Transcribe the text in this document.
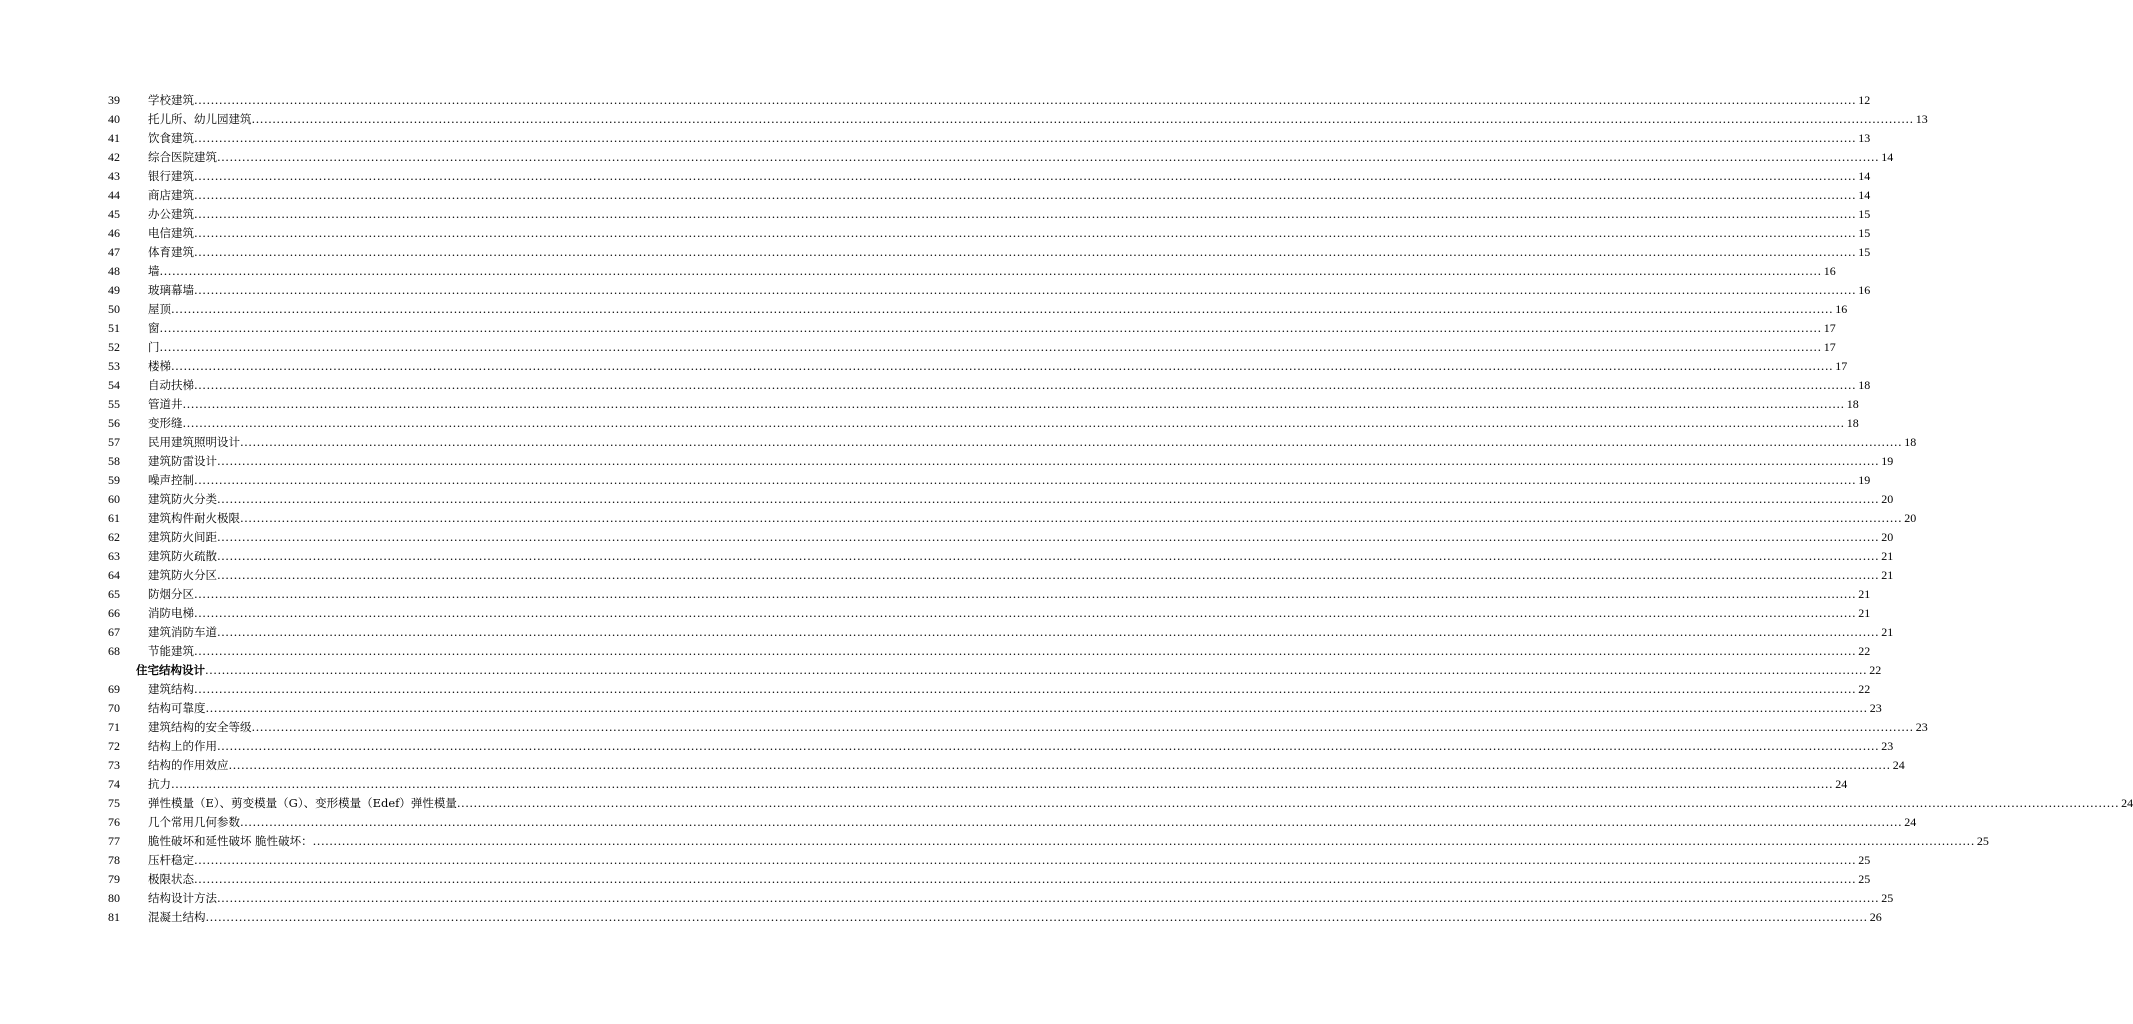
39	学校建筑 ................................................................................................................................................................................................................................................................................................................................................................................................................ 12
40	托儿所、幼儿园建筑 ................................................................................................................................................................................................................................................................................................................................................................................................................ 13
41	饮食建筑 ................................................................................................................................................................................................................................................................................................................................................................................................................ 13
42	综合医院建筑 ................................................................................................................................................................................................................................................................................................................................................................................................................ 14
43	银行建筑 ................................................................................................................................................................................................................................................................................................................................................................................................................ 14
44	商店建筑 ................................................................................................................................................................................................................................................................................................................................................................................................................ 14
45	办公建筑 ................................................................................................................................................................................................................................................................................................................................................................................................................ 15
46	电信建筑 ................................................................................................................................................................................................................................................................................................................................................................................................................ 15
47	体育建筑 ................................................................................................................................................................................................................................................................................................................................................................................................................ 15
48	墙 ................................................................................................................................................................................................................................................................................................................................................................................................................ 16
49	玻璃幕墙 ................................................................................................................................................................................................................................................................................................................................................................................................................ 16
50	屋顶 ................................................................................................................................................................................................................................................................................................................................................................................................................ 16
51	窗 ................................................................................................................................................................................................................................................................................................................................................................................................................ 17
52	门 ................................................................................................................................................................................................................................................................................................................................................................................................................ 17
53	楼梯 ................................................................................................................................................................................................................................................................................................................................................................................................................ 17
54	自动扶梯 ................................................................................................................................................................................................................................................................................................................................................................................................................ 18
55	管道井 ................................................................................................................................................................................................................................................................................................................................................................................................................ 18
56	变形缝 ................................................................................................................................................................................................................................................................................................................................................................................................................ 18
57	民用建筑照明设计 ................................................................................................................................................................................................................................................................................................................................................................................................................ 18
58	建筑防雷设计 ................................................................................................................................................................................................................................................................................................................................................................................................................ 19
59	噪声控制 ................................................................................................................................................................................................................................................................................................................................................................................................................ 19
60	建筑防火分类 ................................................................................................................................................................................................................................................................................................................................................................................................................ 20
61	建筑构件耐火极限 ................................................................................................................................................................................................................................................................................................................................................................................................................ 20
62	建筑防火间距 ................................................................................................................................................................................................................................................................................................................................................................................................................ 20
63	建筑防火疏散 ................................................................................................................................................................................................................................................................................................................................................................................................................ 21
64	建筑防火分区 ................................................................................................................................................................................................................................................................................................................................................................................................................ 21
65	防烟分区 ................................................................................................................................................................................................................................................................................................................................................................................................................ 21
66	消防电梯 ................................................................................................................................................................................................................................................................................................................................................................................................................ 21
67	建筑消防车道 ................................................................................................................................................................................................................................................................................................................................................................................................................ 21
68	节能建筑 ................................................................................................................................................................................................................................................................................................................................................................................................................ 22
住宅结构设计 ................................................................................................................................................................................................................................................................................................................................................................................................................ 22
69	建筑结构 ................................................................................................................................................................................................................................................................................................................................................................................................................ 22
70	结构可靠度 ................................................................................................................................................................................................................................................................................................................................................................................................................ 23
71	建筑结构的安全等级 ................................................................................................................................................................................................................................................................................................................................................................................................................ 23
72	结构上的作用 ................................................................................................................................................................................................................................................................................................................................................................................................................ 23
73	结构的作用效应 ................................................................................................................................................................................................................................................................................................................................................................................................................ 24
74	抗力 ................................................................................................................................................................................................................................................................................................................................................................................................................ 24
75	弹性模量（E）、剪变模量（G）、变形模量（Edef）弹性模量 ................................................................................................................................................................................................................................................................................................................................................................................................................ 24
76	几个常用几何参数 ................................................................................................................................................................................................................................................................................................................................................................................................................ 24
77	脆性破坏和延性破坏 脆性破坏： ................................................................................................................................................................................................................................................................................................................................................................................................................ 25
78	压杆稳定 ................................................................................................................................................................................................................................................................................................................................................................................................................ 25
79	极限状态 ................................................................................................................................................................................................................................................................................................................................................................................................................ 25
80	结构设计方法 ................................................................................................................................................................................................................................................................................................................................................................................................................ 25
81	混凝土结构 ................................................................................................................................................................................................................................................................................................................................................................................................................ 26
